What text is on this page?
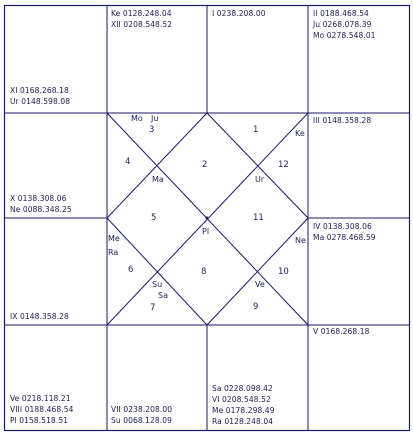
XI 0168.268.18
Ur 0148.598.08
Ke 0128.248.04
XII 0208.548.52
I 0238.208.00	II 0188.468.54
Ju 0268.078.39
Mo 0278.548.01
X 0138.308.06
Ne 0088.348.25
III 0148.358.28
IX 0148.358.28
IV 0138.308.06
Ma 0278.468.59
Ve 0218.118.21
VIII 0188.468.54
Pl 0158.518.51
VII 0238.208.00
Su 0068.128.09
Sa 0228.098.42
VI 0208.548.52
Me 0178.298.49
Ra 0128.248.04
V 0168.268.18
1
2
3
4
5
6
7
8
9
10
11
12
Mo Ju
Ma	Ur
Ke
Pl
Me
Ra
Ne
Su
Sa
Ve
